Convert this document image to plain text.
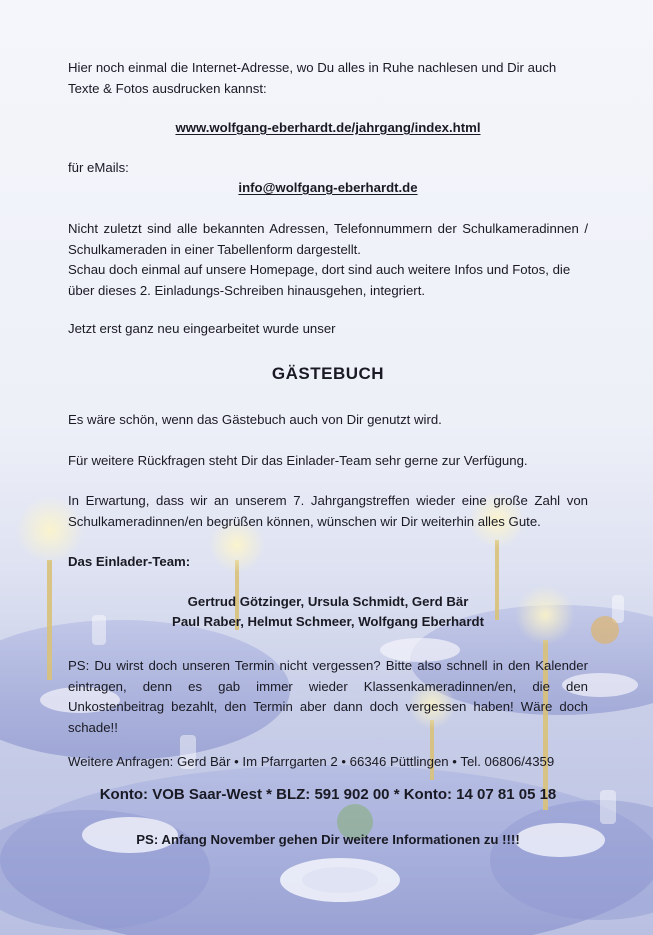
Hier noch einmal die Internet-Adresse, wo Du alles in Ruhe nachlesen und Dir auch Texte & Fotos ausdrucken kannst:

www.wolfgang-eberhardt.de/jahrgang/index.html

für eMails:

info@wolfgang-eberhardt.de

Nicht zuletzt sind alle bekannten Adressen, Telefonnummern der Schulkameradinnen / Schulkameraden in einer Tabellenform dargestellt.

Schau doch einmal auf unsere Homepage, dort sind auch weitere Infos und Fotos, die über dieses 2. Einladungs-Schreiben hinausgehen, integriert.

Jetzt erst ganz neu eingearbeitet wurde unser

GÄSTEBUCH

Es wäre schön, wenn das Gästebuch auch von Dir genutzt wird.

Für weitere Rückfragen steht Dir das Einlader-Team sehr gerne zur Verfügung.

In Erwartung, dass wir an unserem 7. Jahrgangstreffen wieder eine große Zahl von Schulkameradinnen/en begrüßen können, wünschen wir Dir weiterhin alles Gute.

Das Einlader-Team:

Gertrud Götzinger, Ursula Schmidt, Gerd Bär

Paul Raber, Helmut Schmeer, Wolfgang Eberhardt

PS: Du wirst doch unseren Termin nicht vergessen? Bitte also schnell in den Kalender eintragen, denn es gab immer wieder Klassenkameradinnen/en, die den Unkostenbeitrag bezahlt, den Termin aber dann doch vergessen haben! Wäre doch schade!!

Weitere Anfragen: Gerd Bär • Im Pfarrgarten 2 • 66346 Püttlingen • Tel. 06806/4359

Konto: VOB Saar-West * BLZ: 591 902 00 * Konto: 14 07 81 05 18

PS: Anfang November gehen Dir weitere Informationen zu !!!!
